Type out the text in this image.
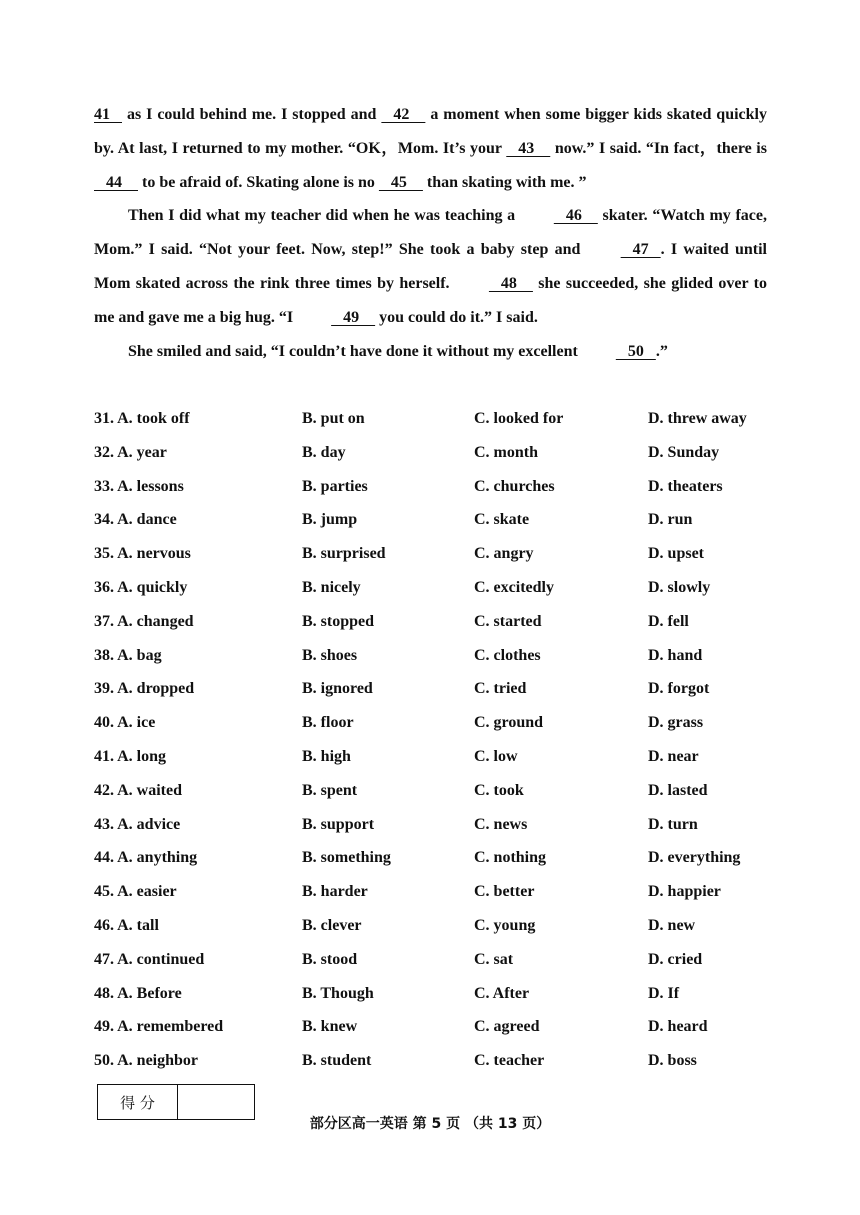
41    as I could behind me. I stopped and    42     a moment when some bigger kids skated quickly by. At last, I returned to my mother. “OK，Mom. It’s your    43     now.” I said. “In fact，there is    44     to be afraid of. Skating alone is no    45     than skating with me. ”

Then I did what my teacher did when he was teaching a    46     skater. “Watch my face, Mom.” I said. “Not your feet. Now, step!” She took a baby step and    47   . I waited until Mom skated across the rink three times by herself.    48     she succeeded, she glided over to me and gave me a big hug. “I    49     you could do it.” I said.

She smiled and said, “I couldn’t have done it without my excellent    50   .”

31. A. took off	B. put on	C. looked for	D. threw away
32. A. year	B. day	C. month	D. Sunday
33. A. lessons	B. parties	C. churches	D. theaters
34. A. dance	B. jump	C. skate	D. run
35. A. nervous	B. surprised	C. angry	D. upset
36. A. quickly	B. nicely	C. excitedly	D. slowly
37. A. changed	B. stopped	C. started	D. fell
38. A. bag	B. shoes	C. clothes	D. hand
39. A. dropped	B. ignored	C. tried	D. forgot
40. A. ice	B. floor	C. ground	D. grass
41. A. long	B. high	C. low	D. near
42. A. waited	B. spent	C. took	D. lasted
43. A. advice	B. support	C. news	D. turn
44. A. anything	B. something	C. nothing	D. everything
45. A. easier	B. harder	C. better	D. happier
46. A. tall	B. clever	C. young	D. new
47. A. continued	B. stood	C. sat	D. cried
48. A. Before	B. Though	C. After	D. If
49. A. remembered	B. knew	C. agreed	D. heard
50. A. neighbor	B. student	C. teacher	D. boss
得 分
部分区高一英语 第 5 页 （共 13 页）
